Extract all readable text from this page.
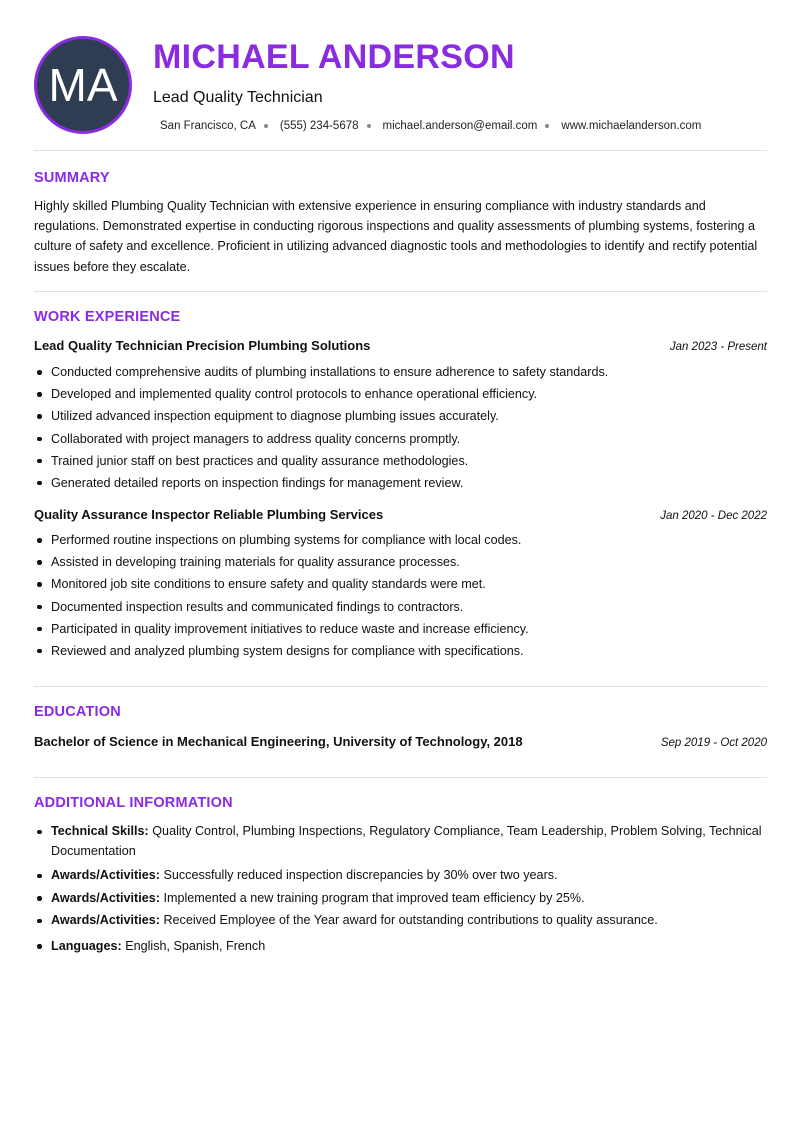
MA
MICHAEL ANDERSON
Lead Quality Technician
San Francisco, CA (555) 234-5678 michael.anderson@email.com www.michaelanderson.com
SUMMARY
Highly skilled Plumbing Quality Technician with extensive experience in ensuring compliance with industry standards and regulations. Demonstrated expertise in conducting rigorous inspections and quality assessments of plumbing systems, fostering a culture of safety and excellence. Proficient in utilizing advanced diagnostic tools and methodologies to identify and rectify potential issues before they escalate.
WORK EXPERIENCE
Lead Quality Technician Precision Plumbing Solutions	Jan 2023 - Present
Conducted comprehensive audits of plumbing installations to ensure adherence to safety standards.
Developed and implemented quality control protocols to enhance operational efficiency.
Utilized advanced inspection equipment to diagnose plumbing issues accurately.
Collaborated with project managers to address quality concerns promptly.
Trained junior staff on best practices and quality assurance methodologies.
Generated detailed reports on inspection findings for management review.
Quality Assurance Inspector Reliable Plumbing Services	Jan 2020 - Dec 2022
Performed routine inspections on plumbing systems for compliance with local codes.
Assisted in developing training materials for quality assurance processes.
Monitored job site conditions to ensure safety and quality standards were met.
Documented inspection results and communicated findings to contractors.
Participated in quality improvement initiatives to reduce waste and increase efficiency.
Reviewed and analyzed plumbing system designs for compliance with specifications.
EDUCATION
Bachelor of Science in Mechanical Engineering, University of Technology, 2018	Sep 2019 - Oct 2020
ADDITIONAL INFORMATION
Technical Skills: Quality Control, Plumbing Inspections, Regulatory Compliance, Team Leadership, Problem Solving, Technical Documentation
Awards/Activities: Successfully reduced inspection discrepancies by 30% over two years.
Awards/Activities: Implemented a new training program that improved team efficiency by 25%.
Awards/Activities: Received Employee of the Year award for outstanding contributions to quality assurance.
Languages: English, Spanish, French
